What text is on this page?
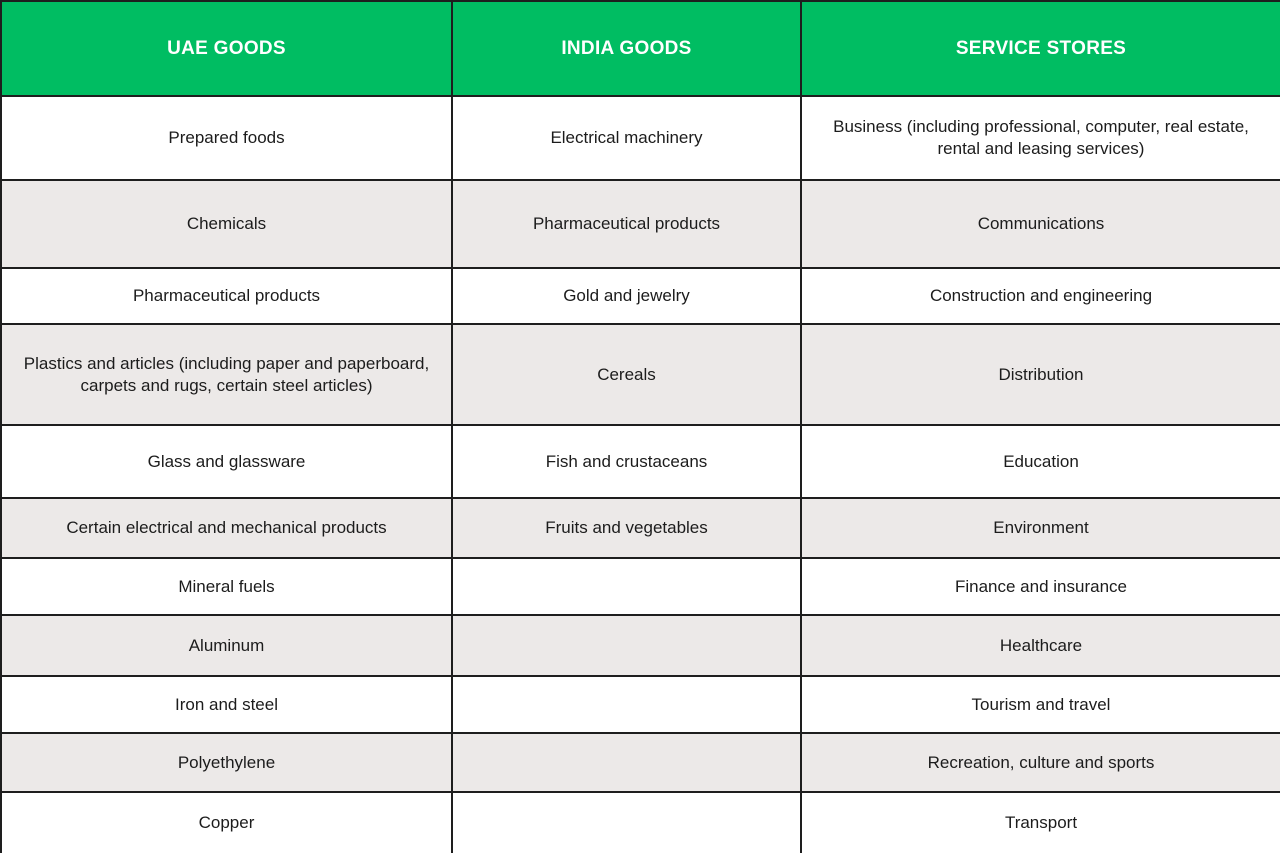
UAE GOODS	INDIA GOODS	SERVICE STORES
Prepared foods	Electrical machinery	Business (including professional, computer, real estate, rental and leasing services)
Chemicals	Pharmaceutical products	Communications
Pharmaceutical products	Gold and jewelry	Construction and engineering
Plastics and articles (including paper and paperboard, carpets and rugs, certain steel articles)	Cereals	Distribution
Glass and glassware	Fish and crustaceans	Education
Certain electrical and mechanical products	Fruits and vegetables	Environment
Mineral fuels		Finance and insurance
Aluminum		Healthcare
Iron and steel		Tourism and travel
Polyethylene		Recreation, culture and sports
Copper		Transport
